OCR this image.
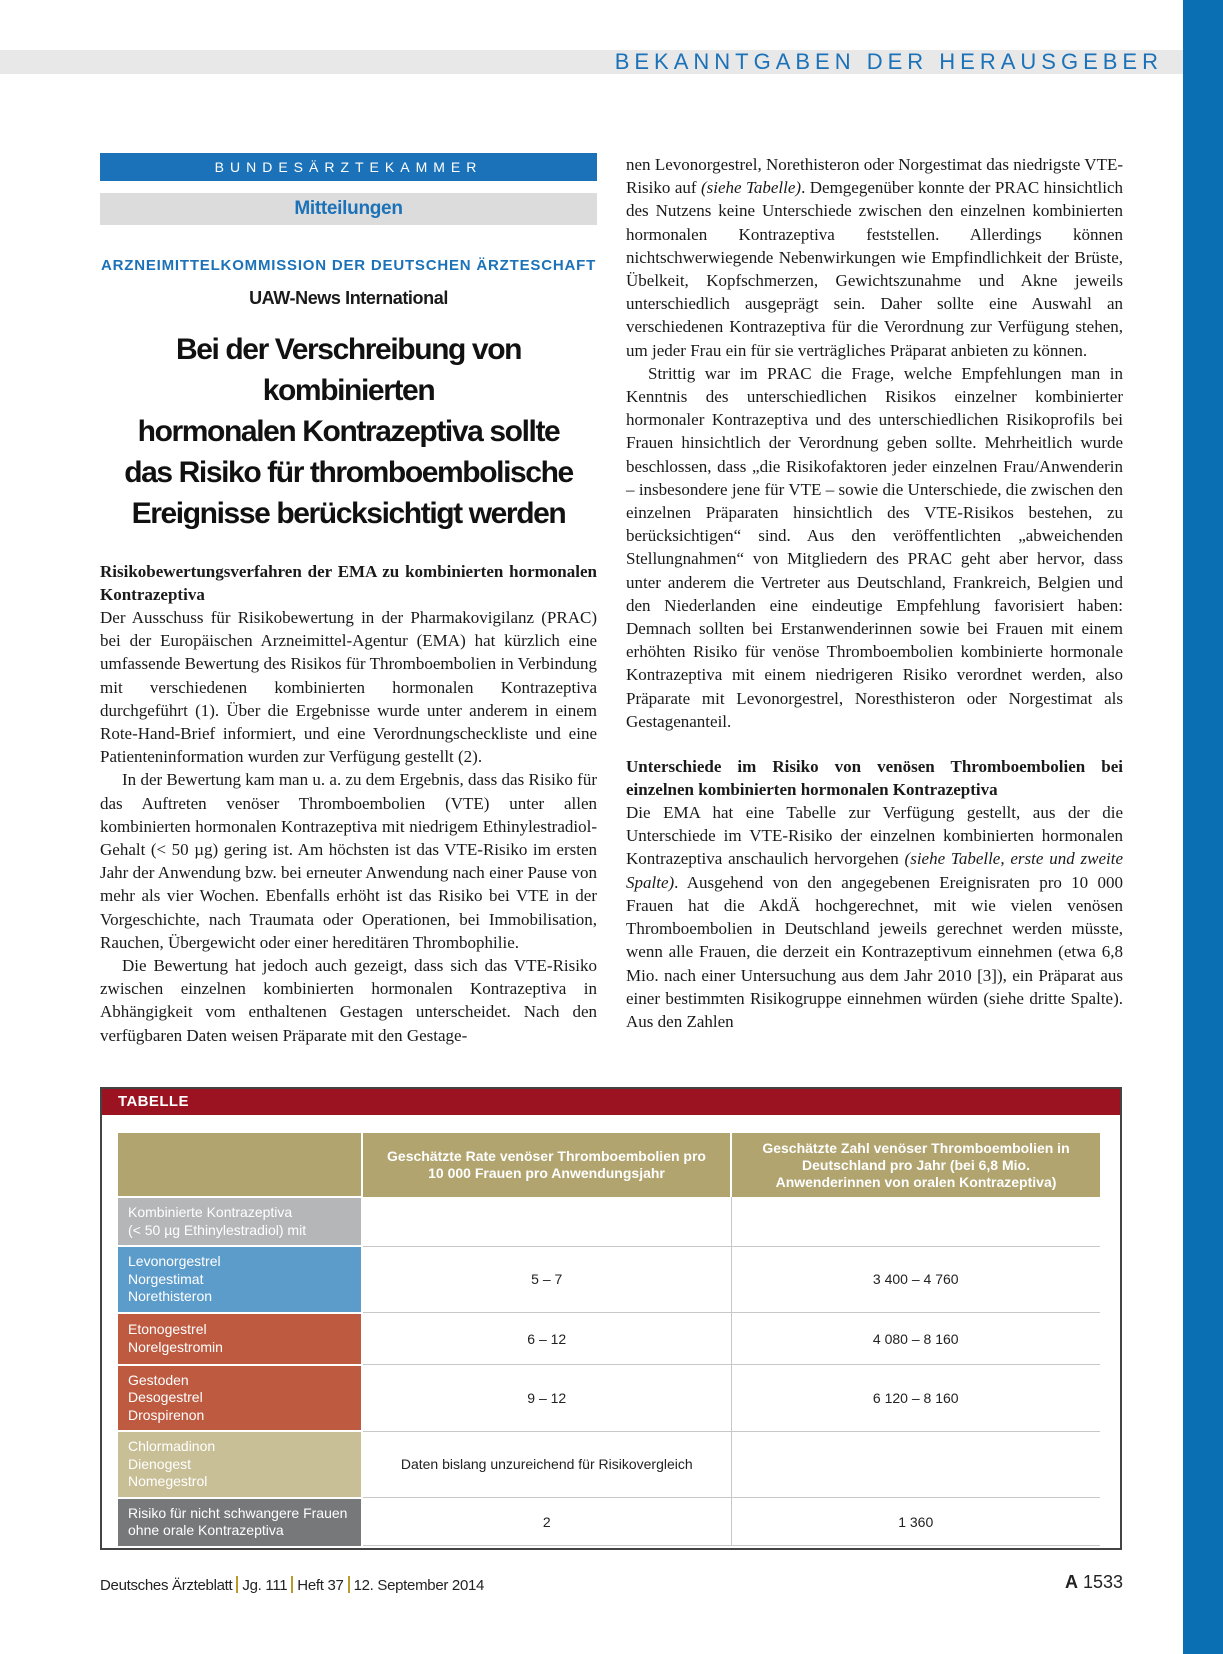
BEKANNTGABEN DER HERAUSGEBER
BUNDESÄRZTEKAMMER
Mitteilungen
ARZNEIMITTELKOMMISSION DER DEUTSCHEN ÄRZTESCHAFT
UAW-News International
Bei der Verschreibung von kombinierten
hormonalen Kontrazeptiva sollte
das Risiko für thromboembolische
Ereignisse berücksichtigt werden
Risikobewertungsverfahren der EMA zu kombinierten hormonalen Kontrazeptiva

Der Ausschuss für Risikobewertung in der Pharmakovigilanz (PRAC) bei der Europäischen Arzneimittel-Agentur (EMA) hat kürzlich eine umfassende Bewertung des Risikos für Thromboembolien in Verbindung mit verschiedenen kombinierten hormonalen Kontrazeptiva durchgeführt (1). Über die Ergebnisse wurde unter anderem in einem Rote-Hand-Brief informiert, und eine Verordnungscheckliste und eine Patienteninformation wurden zur Verfügung gestellt (2).

In der Bewertung kam man u. a. zu dem Ergebnis, dass das Risiko für das Auftreten venöser Thromboembolien (VTE) unter allen kombinierten hormonalen Kontrazeptiva mit niedrigem Ethinylestradiol-Gehalt (< 50 µg) gering ist. Am höchsten ist das VTE-Risiko im ersten Jahr der Anwendung bzw. bei erneuter Anwendung nach einer Pause von mehr als vier Wochen. Ebenfalls erhöht ist das Risiko bei VTE in der Vorgeschichte, nach Traumata oder Operationen, bei Immobilisation, Rauchen, Übergewicht oder einer hereditären Thrombophilie.

Die Bewertung hat jedoch auch gezeigt, dass sich das VTE-Risiko zwischen einzelnen kombinierten hormonalen Kontrazeptiva in Abhängigkeit vom enthaltenen Gestagen unterscheidet. Nach den verfügbaren Daten weisen Präparate mit den Gestage-

nen Levonorgestrel, Norethisteron oder Norgestimat das niedrigste VTE-Risiko auf (siehe Tabelle). Demgegenüber konnte der PRAC hinsichtlich des Nutzens keine Unterschiede zwischen den einzelnen kombinierten hormonalen Kontrazeptiva feststellen. Allerdings können nichtschwerwiegende Nebenwirkungen wie Empfindlichkeit der Brüste, Übelkeit, Kopfschmerzen, Gewichtszunahme und Akne jeweils unterschiedlich ausgeprägt sein. Daher sollte eine Auswahl an verschiedenen Kontrazeptiva für die Verordnung zur Verfügung stehen, um jeder Frau ein für sie verträgliches Präparat anbieten zu können.

Strittig war im PRAC die Frage, welche Empfehlungen man in Kenntnis des unterschiedlichen Risikos einzelner kombinierter hormonaler Kontrazeptiva und des unterschiedlichen Risikoprofils bei Frauen hinsichtlich der Verordnung geben sollte. Mehrheitlich wurde beschlossen, dass „die Risikofaktoren jeder einzelnen Frau/Anwenderin – insbesondere jene für VTE – sowie die Unterschiede, die zwischen den einzelnen Präparaten hinsichtlich des VTE-Risikos bestehen, zu berücksichtigen“ sind. Aus den veröffentlichten „abweichenden Stellungnahmen“ von Mitgliedern des PRAC geht aber hervor, dass unter anderem die Vertreter aus Deutschland, Frankreich, Belgien und den Niederlanden eine eindeutige Empfehlung favorisiert haben: Demnach sollten bei Erstanwenderinnen sowie bei Frauen mit einem erhöhten Risiko für venöse Thromboembolien kombinierte hormonale Kontrazeptiva mit einem niedrigeren Risiko verordnet werden, also Präparate mit Levonorgestrel, Noresthisteron oder Norgestimat als Gestagenanteil.

Unterschiede im Risiko von venösen Thromboembolien bei einzelnen kombinierten hormonalen Kontrazeptiva

Die EMA hat eine Tabelle zur Verfügung gestellt, aus der die Unterschiede im VTE-Risiko der einzelnen kombinierten hormonalen Kontrazeptiva anschaulich hervorgehen (siehe Tabelle, erste und zweite Spalte). Ausgehend von den angegebenen Ereignisraten pro 10 000 Frauen hat die AkdÄ hochgerechnet, mit wie vielen venösen Thromboembolien in Deutschland jeweils gerechnet werden müsste, wenn alle Frauen, die derzeit ein Kontrazeptivum einnehmen (etwa 6,8 Mio. nach einer Untersuchung aus dem Jahr 2010 [3]), ein Präparat aus einer bestimmten Risikogruppe einnehmen würden (siehe dritte Spalte). Aus den Zahlen

TABELLE
	Geschätzte Rate venöser Thromboembolien pro 10 000 Frauen pro Anwendungsjahr	Geschätzte Zahl venöser Thromboembolien in Deutschland pro Jahr (bei 6,8 Mio. Anwenderinnen von oralen Kontrazeptiva)

Kombinierte Kontrazeptiva
(< 50 µg Ethinylestradiol) mit		

Levonorgestrel
Norgestimat
Norethisteron	5 – 7	3 400 – 4 760

Etonogestrel
Norelgestromin	6 – 12	4 080 – 8 160

Gestoden
Desogestrel
Drospirenon	9 – 12	6 120 – 8 160

Chlormadinon
Dienogest
Nomegestrol	Daten bislang unzureichend für Risikovergleich	

Risiko für nicht schwangere Frauen
ohne orale Kontrazeptiva	2	1 360
Deutsches Ärzteblatt Jg. 111 Heft 37 12. September 2014	A 1533
